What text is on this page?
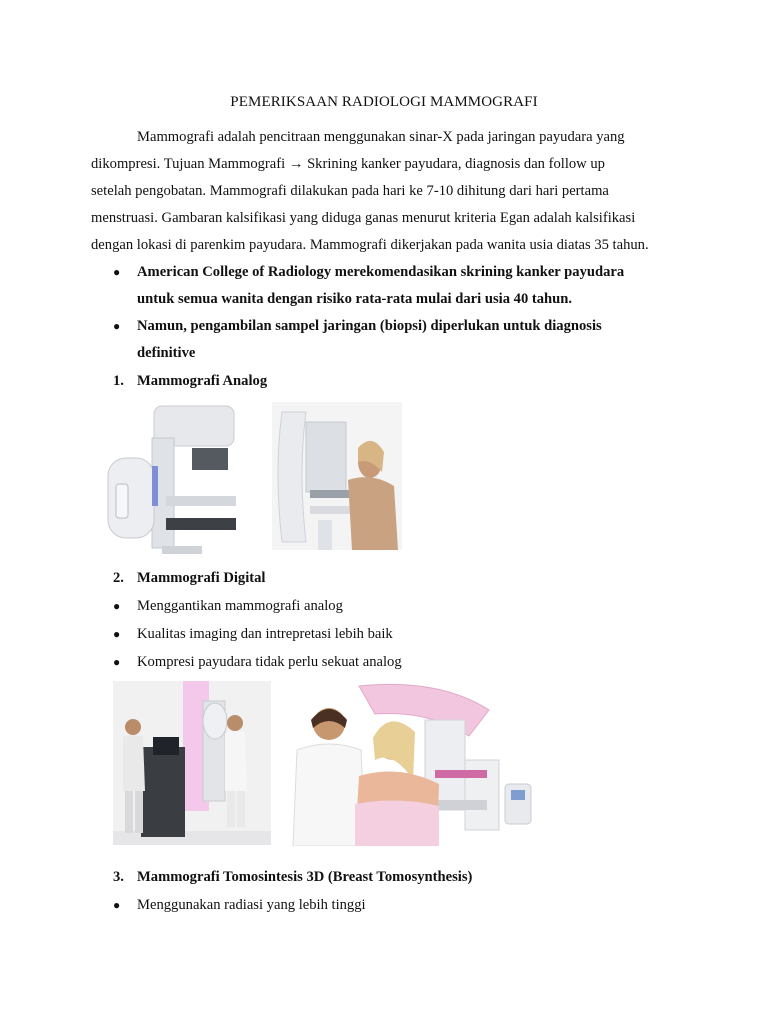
PEMERIKSAAN RADIOLOGI MAMMOGRAFI
Mammografi adalah pencitraan menggunakan sinar-X pada jaringan payudara yang
dikompresi. Tujuan Mammografi → Skrining kanker payudara, diagnosis dan follow up
setelah pengobatan. Mammografi dilakukan pada hari ke 7-10 dihitung dari hari pertama
menstruasi. Gambaran kalsifikasi yang diduga ganas menurut kriteria Egan adalah kalsifikasi
dengan lokasi di parenkim payudara. Mammografi dikerjakan pada wanita usia diatas 35 tahun.
● American College of Radiology merekomendasikan skrining kanker payudara
untuk semua wanita dengan risiko rata-rata mulai dari usia 40 tahun.
● Namun, pengambilan sampel jaringan (biopsi) diperlukan untuk diagnosis
definitive
1. Mammografi Analog
2. Mammografi Digital
● Menggantikan mammografi analog
● Kualitas imaging dan intrepretasi lebih baik
● Kompresi payudara tidak perlu sekuat analog
3. Mammografi Tomosintesis 3D (Breast Tomosynthesis)
● Menggunakan radiasi yang lebih tinggi
